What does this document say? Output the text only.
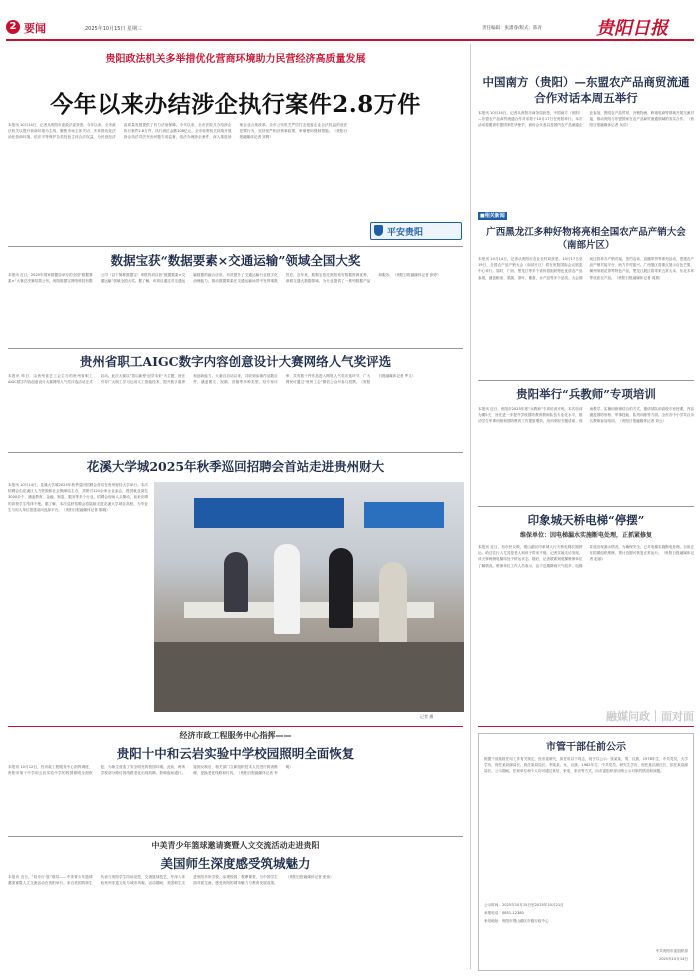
2 要闻	2025年10月15日 星期三	责任编辑：张潇睿/版式：陈青	贵阳日报
贵阳政法机关多举措优化营商环境助力民营经济高质量发展
今年以来办结涉企执行案件2.8万件
本报讯 10月14日，记者从贵阳市委政法委获悉，今年以来，全市政法机关以提升营商环境为主线，聚焦市场主体关切，多举措优化法治化营商环境，依法平等保护各类经营主体合法权益，为民营经济高质量发展提供了有力法治保障。今年以来，全市法院共办结涉企执行案件2.8万件，执行到位金额108亿元。全市检察机关持续开展涉企执法司法突出问题专项监督，依法办理涉企案件，深入推进涉案企业合规改革。全市公安机关严厉打击侵害企业合法权益的违法犯罪行为，坚持宽严相济刑事政策，审慎使用强制措施。（贵阳日报融媒体记者 宋辉）
平安贵阳
数据宝获“数据要素×交通运输”领域全国大奖
本报讯 近日，2025年国家数据局举办的全国“数据要素×”大赛总决赛结果公布，贵阳数据宝网络科技有限公司（以下简称数据宝）申报的项目获“数据要素×交通运输”领域全国大奖。据了解，该项目通过对交通运输数据的融合应用，有效提升了交通运输行业数字化治理能力，推动数据要素在交通运输场景中发挥乘数效应。近年来，数据宝依托贵阳贵安数据资源优势，深耕交通大数据领域，为行业提供了一系列数据产品和服务。（贵阳日报融媒体记者 彭婷）
贵州省职工AIGC数字内容创意设计大赛网络人气奖评选
本报讯 昨日，由贵州省总工会主办的贵州省职工AIGC数字内容创意设计大赛网络人气奖评选活动正式启动。此次大赛以“智启新程·创享未来”为主题，旨在引导广大职工学习运用人工智能技术，提升数字素养和创新能力。大赛自启动以来，共收到参赛作品数百件，涵盖图文、视频、音频等多种类型。经专家评审，共有数十件作品进入网络人气奖评选环节，广大网民可通过“贵州工会”微信公众号参与投票。（贵阳日报融媒体记者 罗文）
花溪大学城2025年秋季巡回招聘会首站走进贵州财大
本报讯 10月14日，花溪大学城2025年秋季巡回招聘会首站在贵州财经大学举行。本次招聘会由花溪区人力资源和社会保障局主办，共吸引120余家企业参会，提供就业岗位3000余个，涵盖教育、金融、制造、服务等多个行业。招聘会现场人头攒动，前来应聘的高校学生络绎不绝。据了解，本次巡回招聘会将陆续走进花溪大学城各高校，为毕业生与用人单位搭建双向选择平台。（贵阳日报融媒体记者 陈晓）
记者 摄
经济市政工程服务中心指挥——
贵阳十中和云岩实验中学校园照明全面恢复
本报讯 10月12日，经市政工程服务中心指挥调度，贵阳市第十中学和云岩实验中学的校园照明全面恢复，为师生营造了安全明亮的校园环境。此前，两所学校部分路灯因线路老化出现故障，影响夜间通行。接到反映后，相关部门立即组织技术人员进行排查维修，更换老化线路和灯具。（贵阳日报融媒体记者 李明）
中美青少年篮球邀请赛暨人文交流活动走进贵阳
美国师生深度感受筑城魅力
本报讯 近日，“同舟行·篮”联结——中美青少年篮球邀请赛暨人文交流活动在贵阳举行。来自美国的师生代表与贵阳学生同场竞技，交流篮球技艺，并深入体验贵州非遗文化与城市风貌。活动期间，美国师生走进贵阳多所学校，参观校园、观摩课堂，与中国学生面对面交流，感受贵阳的城市魅力与教育发展成果。（贵阳日报融媒体记者 张伟）
中国南方（贵阳）—东盟农产品商贸流通合作对话本周五举行
本报讯 10月14日，记者从贵阳市商务局获悉，中国南方（贵阳）—东盟农产品商贸流通合作对话将于10月17日在贵阳举行。本次活动将邀请东盟国家驻华使节、商协会代表以及国内农产品流通企业参加，围绕农产品贸易、冷链物流、跨境电商等领域开展交流对接，推动贵阳与东盟国家在农产品商贸流通领域的务实合作。（贵阳日报融媒体记者 吴浩）
■相关新闻
广西黑龙江多种好物将亮相全国农产品产销大会（南部片区）
本报讯 10月14日，记者从贵阳市农业农村局获悉，10月17日至19日，全国农产品产销大会（南部片区）将在贵阳国际会议展览中心举行。届时，广西、黑龙江等多个省份将组织特色优质农产品参展，涵盖粮油、果蔬、茶叶、畜禽、水产品等多个品类。大会期间还将举办产销对接、签约洽谈、直播带货等系列活动，搭建农产品产销对接平台，助力乡村振兴。广西展区将重点展示百色芒果、横州茉莉花茶等特色产品，黑龙江展区将带来五常大米、东北木耳等优质农产品。（贵阳日报融媒体记者 周燕）
贵阳举行“兵教师”专项培训
本报讯 近日，贵阳市2025年度“兵教师”专项培训开班。本次培训为期5天，旨在进一步提升学校国防教育教师队伍专业化水平，推动学生军事训练和国防教育工作提质增效。培训采取专题讲座、现场教学、实操训练相结合的方式，邀请部队和高校专家授课，内容涵盖国防形势、军事技能、队列训练等方面。全市各中小学共百余名教师参加培训。（贵阳日报融媒体记者 刘云）
印象城天桥电梯“停摆”
维保单位：因电梯漏水实施断电处理，正抓紧修复
本报讯 近日，有市民反映，观山湖区印象城人行天桥电梯长期停运，给过往行人尤其是老人和孩子带来不便。记者实地走访发现，该天桥两侧电梯均处于停运状态。随后，记者联系到电梯维保单位了解情况。维保单位工作人员表示，由于近期降雨天气较多，电梯井道出现漏水情况，为确保安全，已对电梯实施断电处理。目前正在抓紧组织维修，预计近期可恢复正常运行。（贵阳日报融媒体记者 赵丽）
融媒问政｜面对面
市管干部任前公示
根据干部选拔任用工作有关规定，经市委研究，拟任用以下同志，现予以公示：张某某，男，汉族，1978年生，中共党员，大学学历，现任某局副局长，拟任某局局长。李某某，女，汉族，1982年生，中共党员，研究生学历，现任某区副区长，拟任某局副局长。公示期间，任何单位和个人均可通过来信、来电、来访等方式，向市委组织部反映公示对象的情况和问题。
公示时间：2025年10月15日至2025年10月21日
举报电话：0851-12380
来信地址：贵阳市观山湖区市级行政中心
中共贵阳市委组织部
2025年10月14日
